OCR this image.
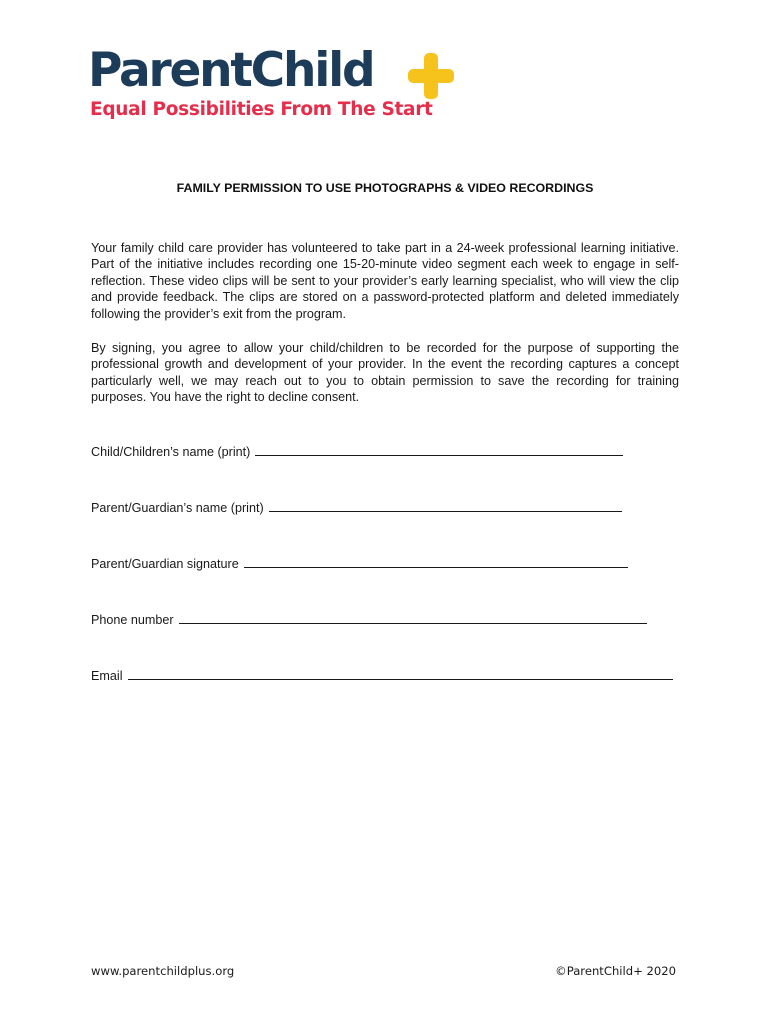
ParentChild
Equal Possibilities From The Start
FAMILY PERMISSION TO USE PHOTOGRAPHS & VIDEO RECORDINGS
Your family child care provider has volunteered to take part in a 24-week professional learning initiative. Part of the initiative includes recording one 15-20-minute video segment each week to engage in self-reflection. These video clips will be sent to your provider’s early learning specialist, who will view the clip and provide feedback. The clips are stored on a password-protected platform and deleted immediately following the provider’s exit from the program.
By signing, you agree to allow your child/children to be recorded for the purpose of supporting the professional growth and development of your provider. In the event the recording captures a concept particularly well, we may reach out to you to obtain permission to save the recording for training purposes. You have the right to decline consent.
Child/Children’s name (print)
Parent/Guardian’s name (print)
Parent/Guardian signature
Phone number
Email
www.parentchildplus.org	©ParentChild+ 2020
